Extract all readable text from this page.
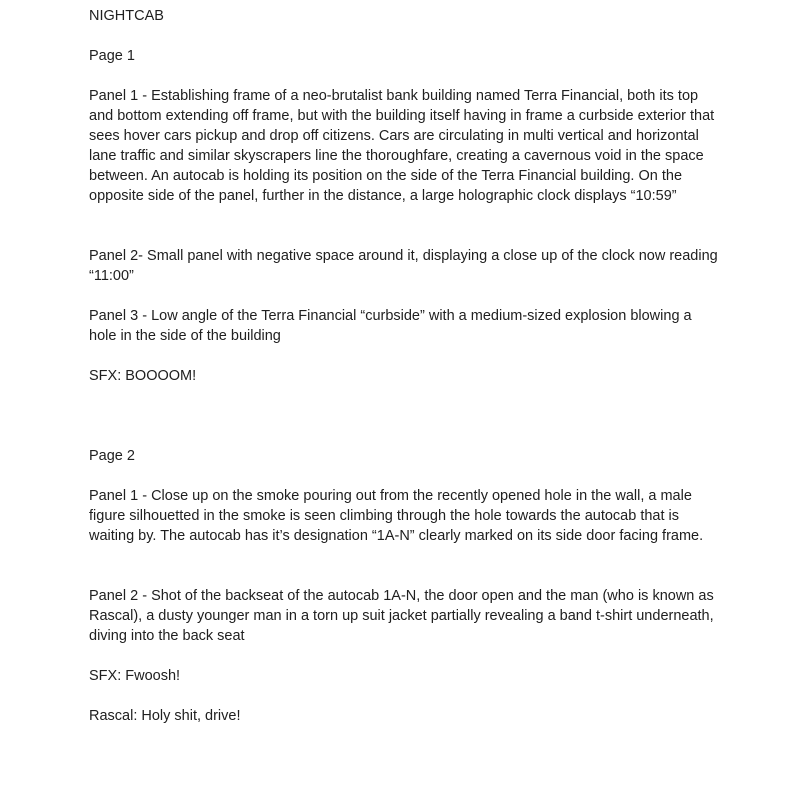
NIGHTCAB

Page 1

Panel 1 - Establishing frame of a neo-brutalist bank building named Terra Financial, both its top and bottom extending off frame, but with the building itself having in frame a curbside exterior that sees hover cars pickup and drop off citizens. Cars are circulating in multi vertical and horizontal lane traffic and similar skyscrapers line the thoroughfare, creating a cavernous void in the space between. An autocab is holding its position on the side of the Terra Financial building. On the opposite side of the panel, further in the distance, a large holographic clock displays “10:59”

Panel 2- Small panel with negative space around it, displaying a close up of the clock now reading “11:00”

Panel 3 - Low angle of the Terra Financial “curbside” with a medium-sized explosion blowing a hole in the side of the building

SFX: BOOOOM!

Page 2

Panel 1 - Close up on the smoke pouring out from the recently opened hole in the wall, a male figure silhouetted in the smoke is seen climbing through the hole towards the autocab that is waiting by. The autocab has it’s designation “1A-N” clearly marked on its side door facing frame.

Panel 2 - Shot of the backseat of the autocab 1A-N, the door open and the man (who is known as Rascal), a dusty younger man in a torn up suit jacket partially revealing a band t-shirt underneath, diving into the back seat

SFX: Fwoosh!

Rascal: Holy shit, drive!
